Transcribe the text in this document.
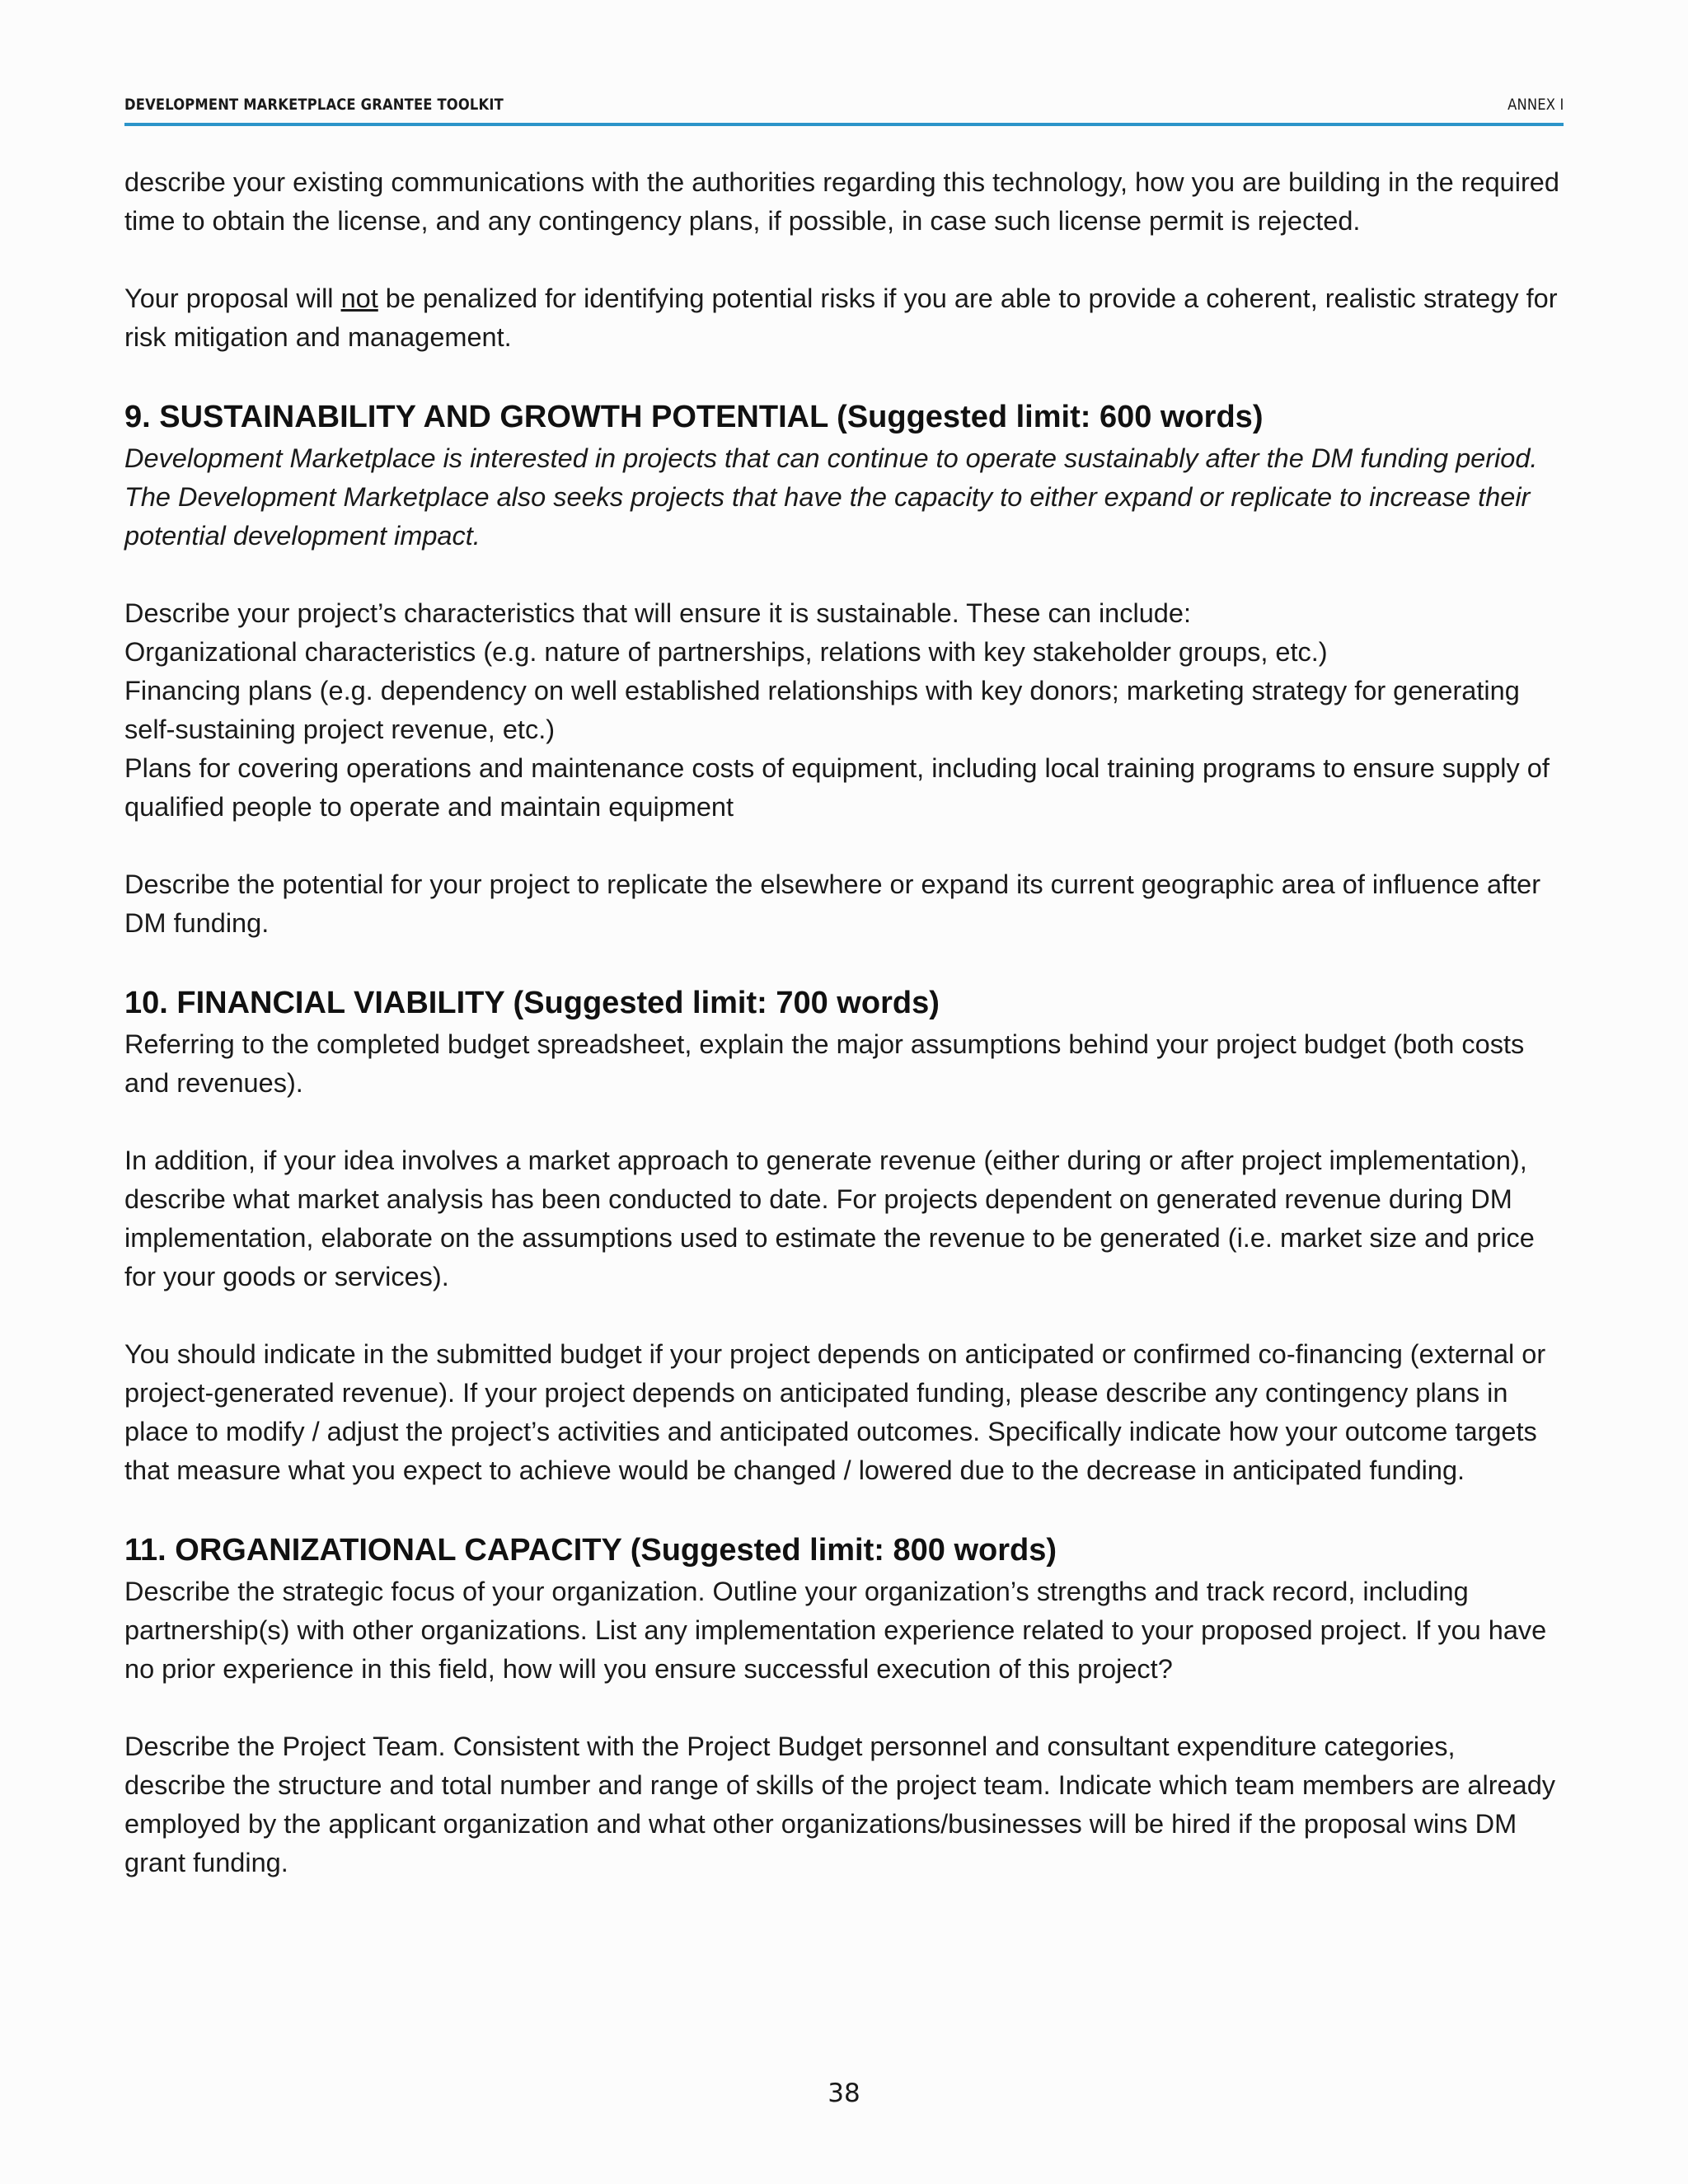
DEVELOPMENT MARKETPLACE GRANTEE TOOLKIT	ANNEX I

describe your existing communications with the authorities regarding this technology, how you are building in the required time to obtain the license, and any contingency plans, if possible, in case such license permit is rejected.

Your proposal will not be penalized for identifying potential risks if you are able to provide a coherent, realistic strategy for risk mitigation and management.

9. SUSTAINABILITY AND GROWTH POTENTIAL (Suggested limit: 600 words)

Development Marketplace is interested in projects that can continue to operate sustainably after the DM funding period. The Development Marketplace also seeks projects that have the capacity to either expand or replicate to increase their potential development impact.

Describe your project’s characteristics that will ensure it is sustainable. These can include:

Organizational characteristics (e.g. nature of partnerships, relations with key stakeholder groups, etc.)

Financing plans (e.g. dependency on well established relationships with key donors; marketing strategy for generating self-sustaining project revenue, etc.)

Plans for covering operations and maintenance costs of equipment, including local training programs to ensure supply of qualified people to operate and maintain equipment

Describe the potential for your project to replicate the elsewhere or expand its current geographic area of influence after DM funding.

10. FINANCIAL VIABILITY (Suggested limit: 700 words)

Referring to the completed budget spreadsheet, explain the major assumptions behind your project budget (both costs and revenues).

In addition, if your idea involves a market approach to generate revenue (either during or after project implementation), describe what market analysis has been conducted to date. For projects dependent on generated revenue during DM implementation, elaborate on the assumptions used to estimate the revenue to be generated (i.e. market size and price for your goods or services).

You should indicate in the submitted budget if your project depends on anticipated or confirmed co-financing (external or project-generated revenue). If your project depends on anticipated funding, please describe any contingency plans in place to modify / adjust the project’s activities and anticipated outcomes. Specifically indicate how your outcome targets that measure what you expect to achieve would be changed / lowered due to the decrease in anticipated funding.

11. ORGANIZATIONAL CAPACITY (Suggested limit: 800 words)

Describe the strategic focus of your organization. Outline your organization’s strengths and track record, including partnership(s) with other organizations. List any implementation experience related to your proposed project. If you have no prior experience in this field, how will you ensure successful execution of this project?

Describe the Project Team. Consistent with the Project Budget personnel and consultant expenditure categories, describe the structure and total number and range of skills of the project team. Indicate which team members are already employed by the applicant organization and what other organizations/businesses will be hired if the proposal wins DM grant funding.

38
